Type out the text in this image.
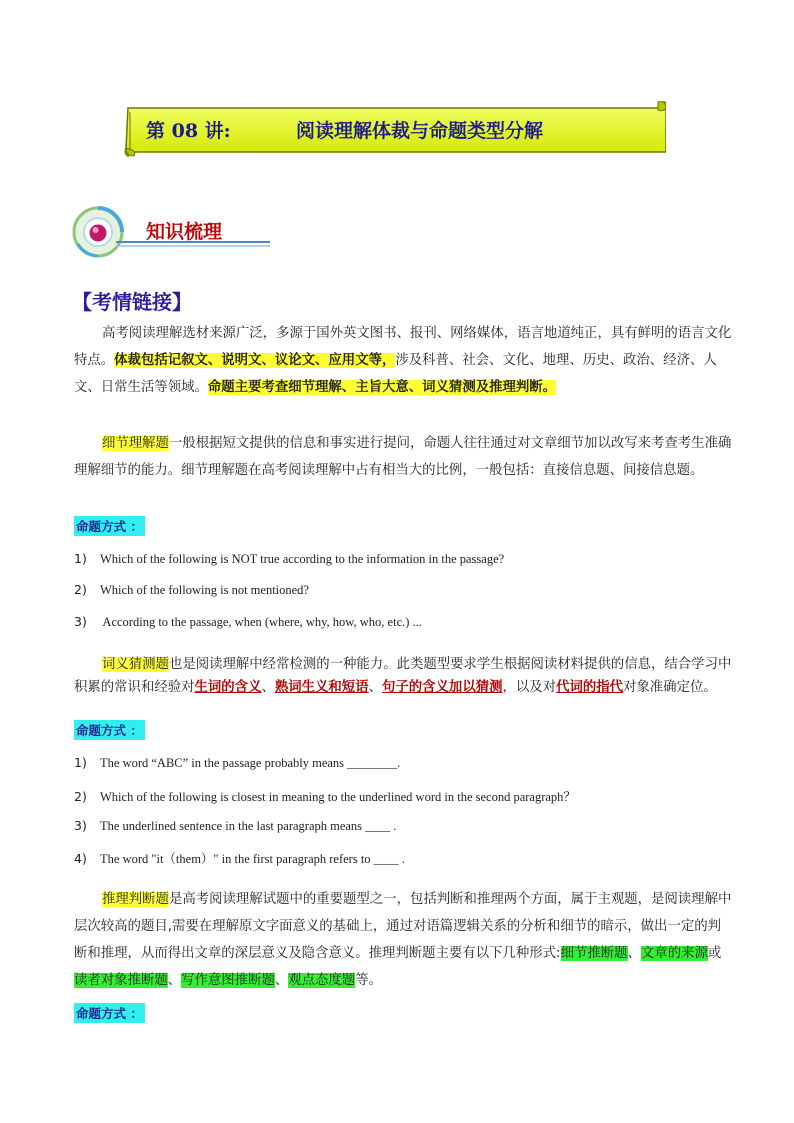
第 08 讲:	阅读理解体裁与命题类型分解
知识梳理
【考情链接】
高考阅读理解选材来源广泛，多源于国外英文图书、报刊、网络媒体，语言地道纯正，具有鲜明的语言文化特点。体裁包括记叙文、说明文、议论文、应用文等，涉及科普、社会、文化、地理、历史、政治、经济、人文、日常生活等领域。命题主要考查细节理解、主旨大意、词义猜测及推理判断。
细节理解题一般根据短文提供的信息和事实进行提问，命题人往往通过对文章细节加以改写来考查考生准确理解细节的能力。细节理解题在高考阅读理解中占有相当大的比例，一般包括：直接信息题、间接信息题。
命题方式 ：
1) Which of the following is NOT true according to the information in the passage?
2) Which of the following is not mentioned?
3) According to the passage, when (where, why, how, who, etc.) ...
词义猜测题也是阅读理解中经常检测的一种能力。此类题型要求学生根据阅读材料提供的信息，结合学习中积累的常识和经验对生词的含义、熟词生义和短语、句子的含义加以猜测，以及对代词的指代对象准确定位。
命题方式 ：
1) The word “ABC” in the passage probably means ________.
2) Which of the following is closest in meaning to the underlined word in the second paragraph？
3) The underlined sentence in the last paragraph means ____ .
4) The word "it（them）" in the first paragraph refers to ____ .
推理判断题是高考阅读理解试题中的重要题型之一，包括判断和推理两个方面，属于主观题，是阅读理解中层次较高的题目,需要在理解原文字面意义的基础上，通过对语篇逻辑关系的分析和细节的暗示，做出一定的判断和推理，从而得出文章的深层意义及隐含意义。推理判断题主要有以下几种形式:细节推断题、文章的来源或读者对象推断题、写作意图推断题、观点态度题等。
命题方式 ：
